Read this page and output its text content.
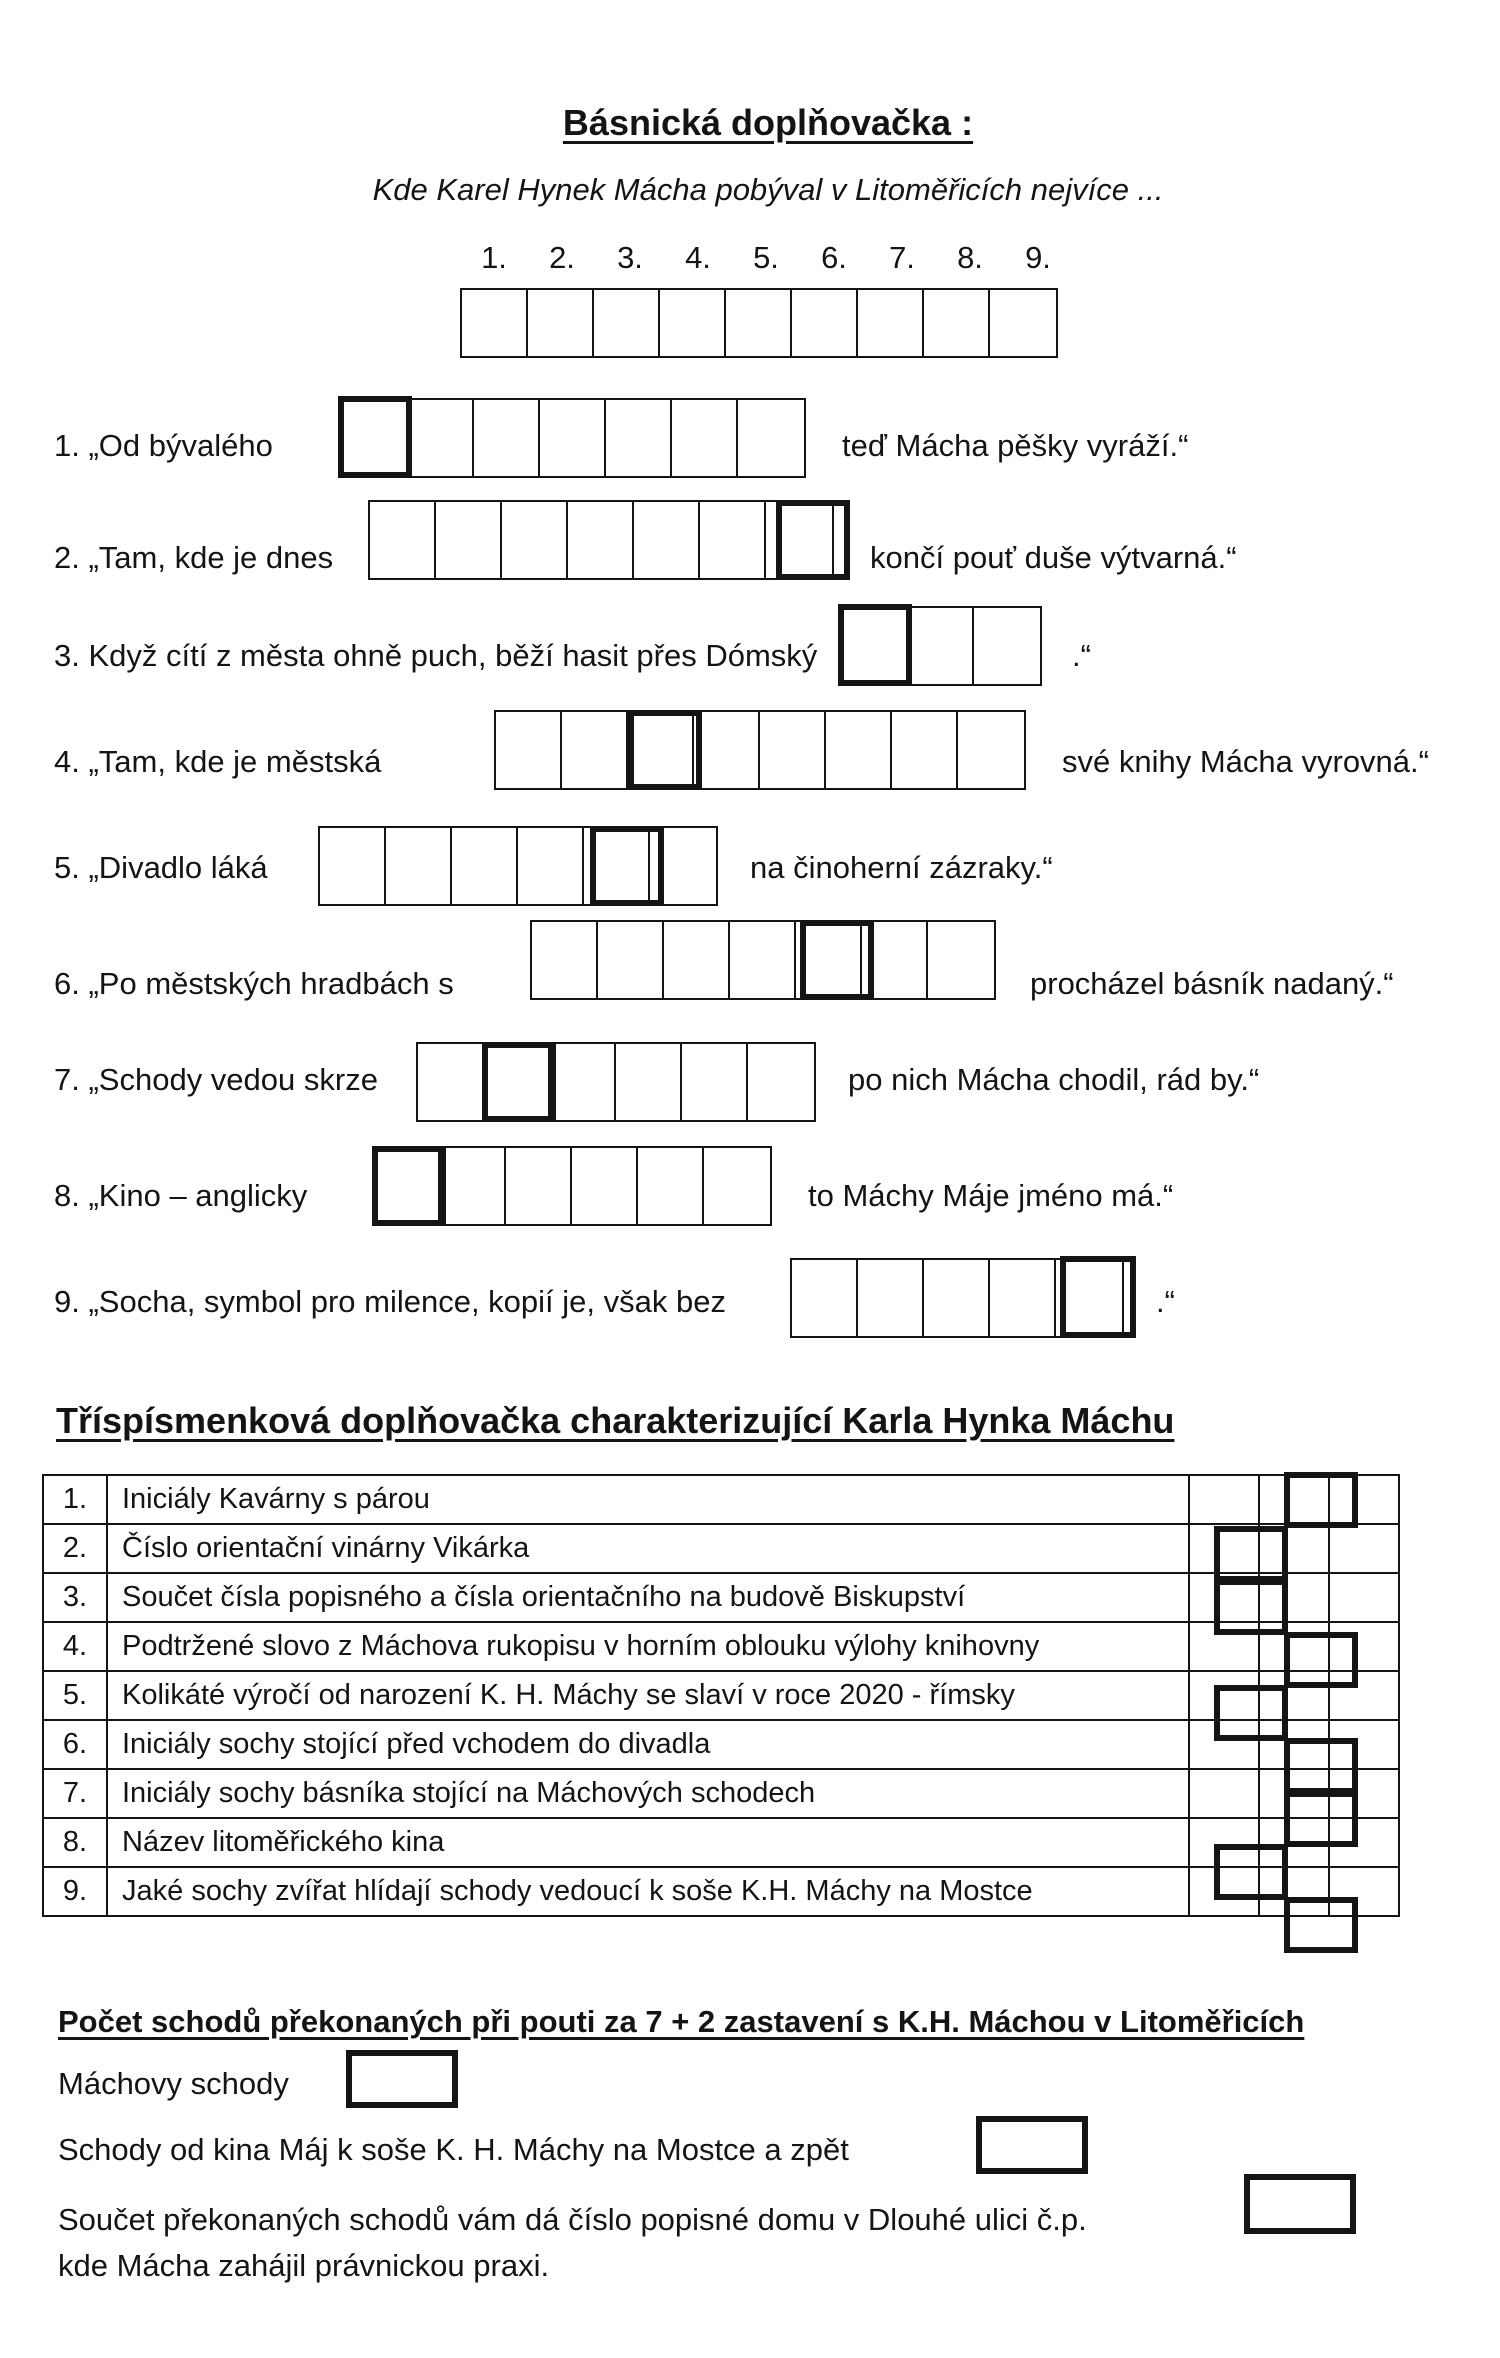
Básnická doplňovačka :
Kde Karel Hynek Mácha pobýval v Litoměřicích nejvíce ...
1.	2.	3.	4.	5.	6.	7.	8.	9.
1. „Od bývalého	teď Mácha pěšky vyráží.“
2. „Tam, kde je dnes	končí pouť duše výtvarná.“
3. Když cítí z města ohně puch, běží hasit přes Dómský	.“
4. „Tam, kde je městská	své knihy Mácha vyrovná.“
5. „Divadlo láká	na činoherní zázraky.“
6. „Po městských hradbách s	procházel básník nadaný.“
7. „Schody vedou skrze	po nich Mácha chodil, rád by.“
8. „Kino – anglicky	to Máchy Máje jméno má.“
9. „Socha, symbol pro milence, kopií je, však bez	.“
Tříspísmenková doplňovačka charakterizující Karla Hynka Máchu
1.	Iniciály Kavárny s párou			
2.	Číslo orientační vinárny Vikárka			
3.	Součet čísla popisného a čísla orientačního na budově Biskupství			
4.	Podtržené slovo z Máchova rukopisu v horním oblouku výlohy knihovny			
5.	Kolikáté výročí od narození K. H. Máchy se slaví v roce 2020 - římsky			
6.	Iniciály sochy stojící před vchodem do divadla			
7.	Iniciály sochy básníka stojící na Máchových schodech			
8.	Název litoměřického kina			
9.	Jaké sochy zvířat hlídají schody vedoucí k soše K.H. Máchy na Mostce			
Počet schodů překonaných při pouti za 7 + 2 zastavení s K.H. Máchou v Litoměřicích
Máchovy schody
Schody od kina Máj k soše K. H. Máchy na Mostce a zpět
Součet překonaných schodů vám dá číslo popisné domu v Dlouhé ulici č.p.
kde Mácha zahájil právnickou praxi.
